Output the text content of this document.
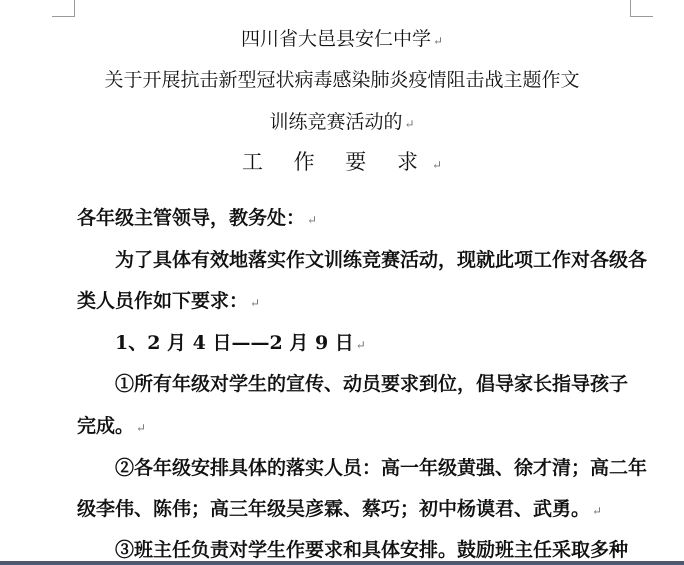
四川省大邑县安仁中学 ↵
关于开展抗击新型冠状病毒感染肺炎疫情阻击战主题作文
训练竞赛活动的 ↵
工 作 要 求 ↵
各年级主管领导，教务处： ↵
为了具体有效地落实作文训练竞赛活动，现就此项工作对各级各
类人员作如下要求： ↵
1、2 月 4 日——2 月 9 日 ↵
①所有年级对学生的宣传、动员要求到位，倡导家长指导孩子
完成。 ↵
②各年级安排具体的落实人员：高一年级黄强、徐才清；高二年
级李伟、陈伟；高三年级吴彦霖、蔡巧；初中杨谟君、武勇。 ↵
③班主任负责对学生作要求和具体安排。鼓励班主任采取多种
